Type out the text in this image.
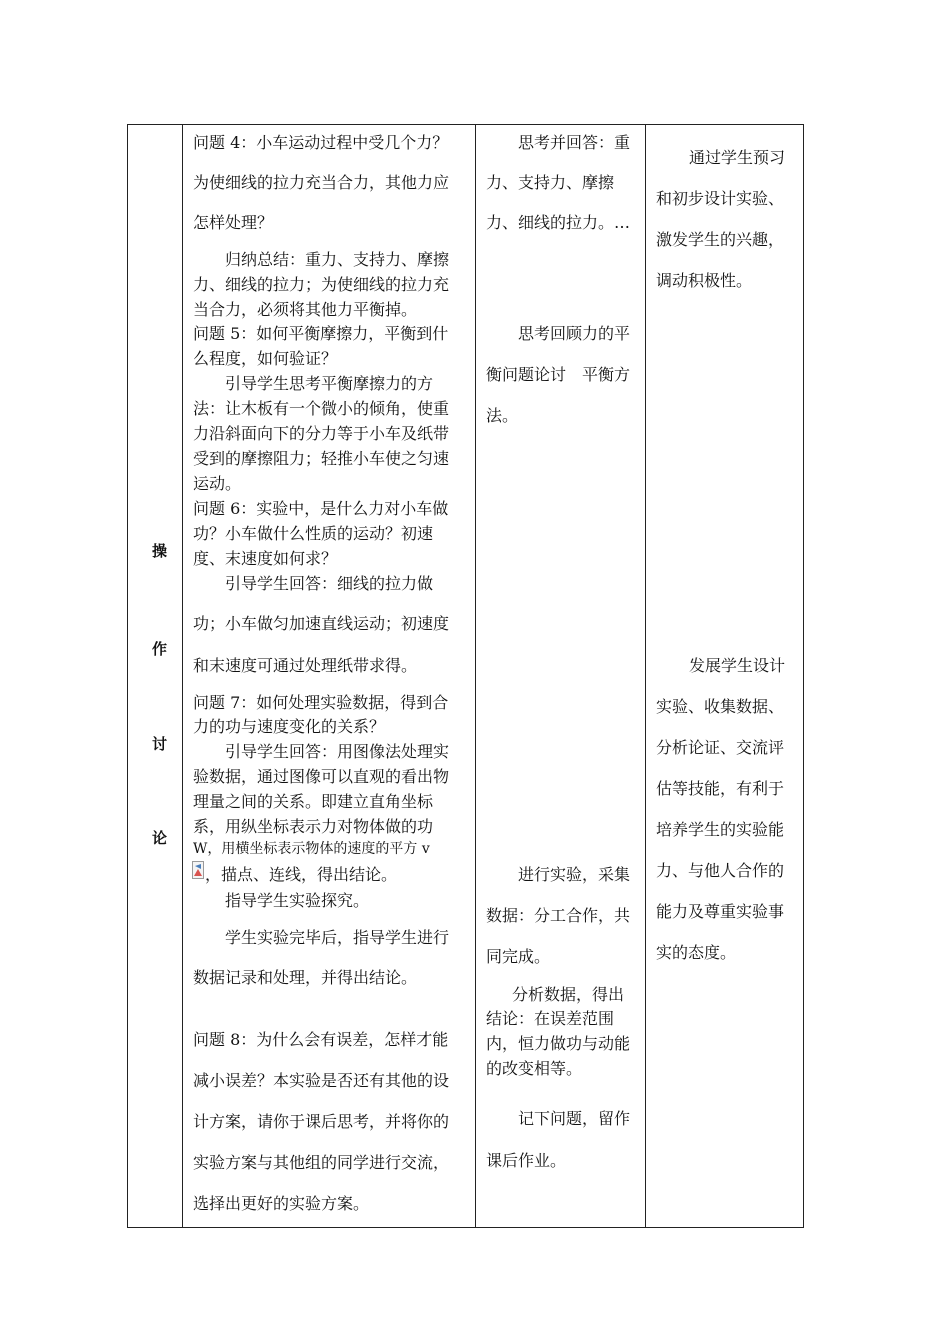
操
作
讨
论

问题 4：小车运动过程中受几个力？

为使细线的拉力充当合力，其他力应

怎样处理？

归纳总结：重力、支持力、摩擦

力、细线的拉力；为使细线的拉力充

当合力，必须将其他力平衡掉。

问题 5：如何平衡摩擦力，平衡到什

么程度，如何验证？

引导学生思考平衡摩擦力的方

法：让木板有一个微小的倾角，使重

力沿斜面向下的分力等于小车及纸带

受到的摩擦阻力；轻推小车使之匀速

运动。

问题 6：实验中，是什么力对小车做

功？小车做什么性质的运动？初速

度、末速度如何求？

引导学生回答：细线的拉力做

功；小车做匀加速直线运动；初速度

和末速度可通过处理纸带求得。

问题 7：如何处理实验数据，得到合

力的功与速度变化的关系？

引导学生回答：用图像法处理实

验数据，通过图像可以直观的看出物

理量之间的关系。即建立直角坐标

系，用纵坐标表示力对物体做的功

W，用横坐标表示物体的速度的平方 v

，描点、连线，得出结论。

指导学生实验探究。

学生实验完毕后，指导学生进行

数据记录和处理，并得出结论。

问题 8：为什么会有误差，怎样才能

减小误差？本实验是否还有其他的设

计方案，请你于课后思考，并将你的

实验方案与其他组的同学进行交流，

选择出更好的实验方案。

思考并回答：重

力、支持力、摩擦

力、细线的拉力。…

思考回顾力的平

衡问题论讨　平衡方

法。

进行实验，采集

数据：分工合作，共

同完成。

分析数据，得出

结论：在误差范围

内，恒力做功与动能

的改变相等。

记下问题，留作

课后作业。

通过学生预习

和初步设计实验、

激发学生的兴趣，

调动积极性。

发展学生设计

实验、收集数据、

分析论证、交流评

估等技能，有利于

培养学生的实验能

力、与他人合作的

能力及尊重实验事

实的态度。
